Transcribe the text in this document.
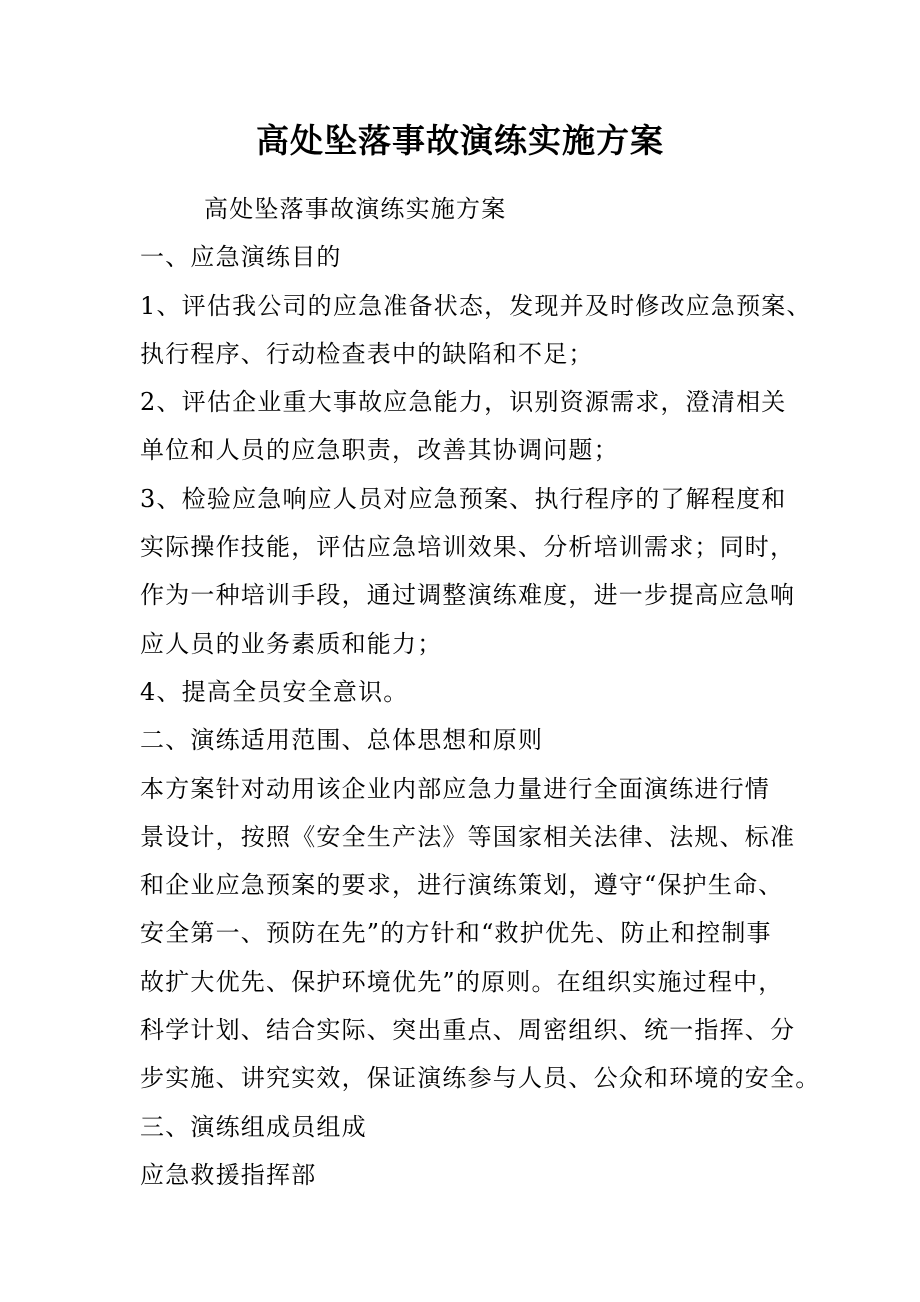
高处坠落事故演练实施方案

高处坠落事故演练实施方案

一、应急演练目的

1、评估我公司的应急准备状态，发现并及时修改应急预案、

执行程序、行动检查表中的缺陷和不足；

2、评估企业重大事故应急能力，识别资源需求，澄清相关

单位和人员的应急职责，改善其协调问题；

3、检验应急响应人员对应急预案、执行程序的了解程度和

实际操作技能，评估应急培训效果、分析培训需求；同时，

作为一种培训手段，通过调整演练难度，进一步提高应急响

应人员的业务素质和能力；

4、提高全员安全意识。

二、演练适用范围、总体思想和原则

本方案针对动用该企业内部应急力量进行全面演练进行情

景设计，按照《安全生产法》等国家相关法律、法规、标准

和企业应急预案的要求，进行演练策划，遵守“保护生命、

安全第一、预防在先”的方针和“救护优先、防止和控制事

故扩大优先、保护环境优先”的原则。在组织实施过程中，

科学计划、结合实际、突出重点、周密组织、统一指挥、分

步实施、讲究实效，保证演练参与人员、公众和环境的安全。

三、演练组成员组成

应急救援指挥部
